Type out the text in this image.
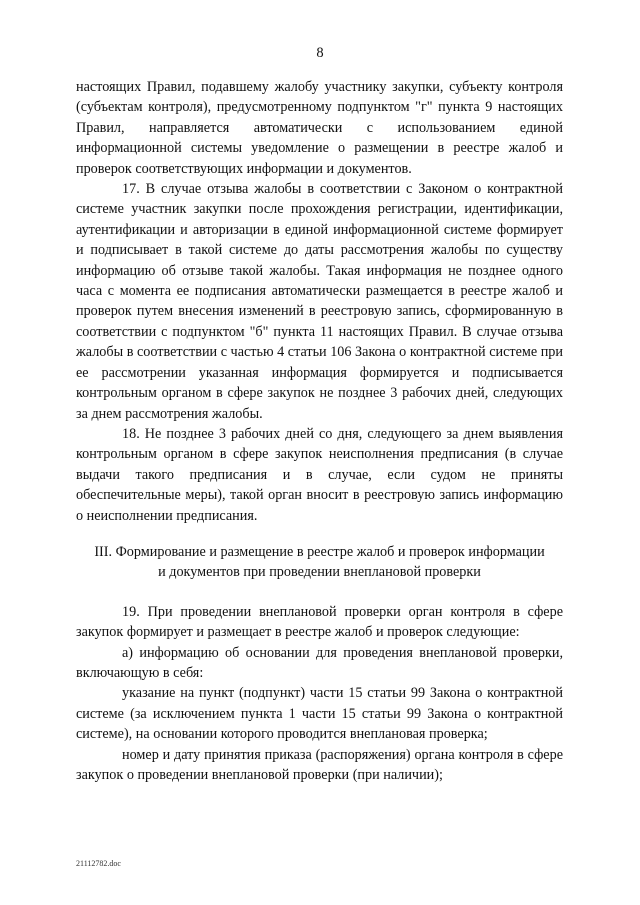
8

настоящих Правил, подавшему жалобу участнику закупки, субъекту контроля (субъектам контроля), предусмотренному подпунктом "г" пункта 9 настоящих Правил, направляется автоматически с использованием единой информационной системы уведомление о размещении в реестре жалоб и проверок соответствующих информации и документов.

17. В случае отзыва жалобы в соответствии с Законом о контрактной системе участник закупки после прохождения регистрации, идентификации, аутентификации и авторизации в единой информационной системе формирует и подписывает в такой системе до даты рассмотрения жалобы по существу информацию об отзыве такой жалобы. Такая информация не позднее одного часа с момента ее подписания автоматически размещается в реестре жалоб и проверок путем внесения изменений в реестровую запись, сформированную в соответствии с подпунктом "б" пункта 11 настоящих Правил. В случае отзыва жалобы в соответствии с частью 4 статьи 106 Закона о контрактной системе при ее рассмотрении указанная информация формируется и подписывается контрольным органом в сфере закупок не позднее 3 рабочих дней, следующих за днем рассмотрения жалобы.

18. Не позднее 3 рабочих дней со дня, следующего за днем выявления контрольным органом в сфере закупок неисполнения предписания (в случае выдачи такого предписания и в случае, если судом не приняты обеспечительные меры), такой орган вносит в реестровую запись информацию о неисполнении предписания.

III. Формирование и размещение в реестре жалоб и проверок информации
и документов при проведении внеплановой проверки

19. При проведении внеплановой проверки орган контроля в сфере закупок формирует и размещает в реестре жалоб и проверок следующие:

а) информацию об основании для проведения внеплановой проверки, включающую в себя:

указание на пункт (подпункт) части 15 статьи 99 Закона о контрактной системе (за исключением пункта 1 части 15 статьи 99 Закона о контрактной системе), на основании которого проводится внеплановая проверка;

номер и дату принятия приказа (распоряжения) органа контроля в сфере закупок о проведении внеплановой проверки (при наличии);

21112782.doc
